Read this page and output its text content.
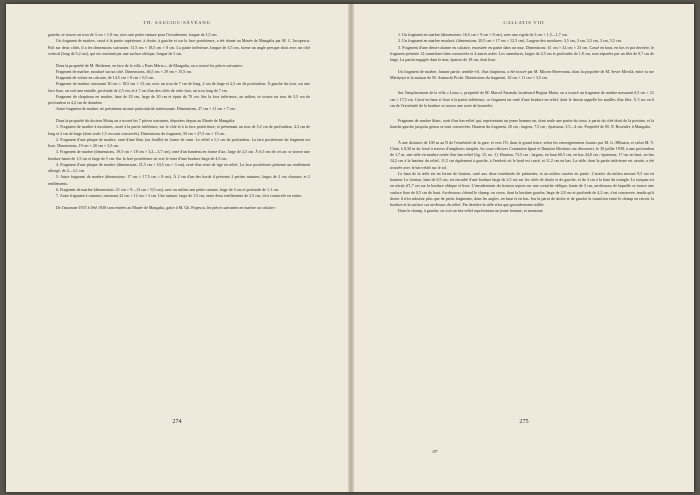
TH. SAUCIUC-SĂVEANU

gauche, se trouve un trou de 3 cm × 1,8 cm, avec une petite rainure pour l'écoulement, longue de 1,5 cm.

Un fragment de marbre, cassé à la partie supérieure, à droite, à gauche et sur la face postérieure, a été donné au Musée de Mangalia par M. C. Iacopescu. Poli sur deux côtés, il a les dimensions suivantes: 11,5 cm × 18,5 cm × 8 cm. La partie inférieure, longue de 3,5 cm, forme un angle presque droit avec un côté vertical (long de 5,2 cm), qui est continué par une surface oblique, longue de 3 cm.

Dans la propriété de M. Riedesen, en face de la villa « Paris Măria », de Mangalia, on a trouvé les pièces suivantes:

Fragment de marbre, mouluré sur un côté. Dimensions, 46,5 cm × 29 cm × 15,5 cm.

Fragment de volute en calcaire, de 14,5 cm × 8 cm × 6,5 cm.

Fragment de marbre, mesurant 30 cm × 18,5 cm × 13 cm, avec un trou de 7 cm de long, 2 cm de large et 2,5 cm de profondeur. À gauche du trou, sur une face lisse, on voit une entaille, profonde de 2,5 cm, et à 7 cm d'un des côtés de cette face, un trou long de 7 cm.

Fragment de chapiteau en marbre, haut de 20 cm, large de 30 cm et épais de 70 cm. Sur la face inférieure, au milieu, se trouve un trou de 3,5 cm de profondeur et 4,2 cm de diamètre.

Autre fragment de marbre, ne présentant aucune particularité intéressante. Dimensions, 27 cm × 11 cm × 7 cm.

Dans la propriété du docteur Motaș on a trouvé les 7 pièces suivantes, déposées depuis au Musée de Mangalia:

1. Fragment de marbre à moulures, cassé à la partie inférieure, sur le côté et à la face postérieure, et présentant un trou de 5,2 cm de profondeur, 4,3 cm de long et 2 cm de large (dont seuls 1,5 cm sont conservés). Dimensions du fragment, 30 cm × 27,5 cm × 15 cm.

2. Fragment d'une plaque de marbre, orné d'une fleur (ou feuille) en forme de cœur. Le relief a 1,1 cm de profondeur. La face postérieure du fragment est lisse. Dimensions, 19 cm × 20 cm × 3,5 cm.

3. Fragment de marbre (dimensions, 19,5 cm × 18 cm × 3,2—3,7 cm), orné d'un bandeau en forme d'arc, large de 2,5 cm. À 6,5 cm de cet arc se trouve une bordure haute de 1,5 cm et large de 5 cm. Sur la face postérieure on voit le reste d'une bordure large de 4,5 cm.

4. Fragment d'une plaque de marbre (dimensions, 21,5 cm × 10,5 cm × 3 cm), orné d'un reste de tige en relief. La face postérieure présente un renflement allongé, de 2—3,1 cm.

5. Autre fragment de marbre (dimensions: 17 cm × 17,5 cm × 8 cm). À 2 cm d'un des bords il présente 2 petites rainures, larges de 2 cm chacune, et 2 renflements.

6. Fragment de marbre (dimensions: 21 cm × 9—13 cm × 9,5 cm), avec au milieu une petite rainure, large de 4 cm et profonde de 1,1 cm.

7. Autre fragment à rainures, mesurant 22 cm × 12 cm × 3 cm. Une rainure, large de 1,5 cm, entre deux renflements de 2,5 cm, s'est conservée en entier.

De l'automne 1937 à l'été 1938 sont entrées au Musée de Mangalia, grâce à M. Gh. Popescu, les pièces suivantes en marbre ou calcaire:

274
CALLATIS VIII

1. Un fragment en marbre (dimensions: 16,5 cm × 9 cm × 8 cm), avec une rigole de 3 cm × 1,5—1,7 cm.

2. Un fragment en marbre mouluré, (dimensions: 20,5 cm × 17 cm × 12,5 cm). Largeur des moulures: 3,5 cm, 3 cm, 5,5 cm, 3 cm, 5,5 cm.

3. Fragment d'une demi-colonne en calcaire, encastrée en partie dans un mur. Dimensions: 41 cm × 32 cm × 23 cm. Cassé en haut, en bas et par derrière, le fragment présente 12 cannelures bien conservées et 4 autres usées. Les cannelures, larges de 2,5 cm et profondes de 1,8 cm, sont séparées par un filet de 0,7 cm de large. La partie engagée dans le mur, épaisse de 19 cm, était lisse.

Un fragment de marbre, faisant partie, semble-t-il, d'un chapiteau, a été trouvé par M. Mircea Hereveanu, dans la propriété de M. Sever Movilă, entre la rue Mărășești et la maison de M. Asimachi Profit. Dimensions du fragment, 10 cm × 11 cm × 3,5 cm.

Sur l'emplacement de la villa « Lotus », propriété de M. Marcel Faranda, boulevard Regina Maria, on a trouvé un fragment de marbre mesurant 6,5 cm × 21 cm × 17,5 cm. Cassé en haut et lisse à la partie inférieure, ce fragment est orné d'une bordure en relief, dont le dessin rappelle les mailles d'un filet. À 5 cm ou 6 cm de l'extrémité de la bordure se trouve une sorte de bourrelet.

Fragment de marbre blanc, orné d'un bas-relief qui, représentant un jeune homme nu, dont seule une partie du torse, à partir du côté droit de la poitrine, et la hanche gauche jusqu'au genou se sont conservées. Hauteur du fragment, 20 cm ; largeur, 7,5 cm ; épaisseur, 3,5—4 cm. Propriété de M. N. Rosenlet, à Mangalia.

À une distance de 100 m au N de l'extrémité de la gare, et vers l'O, dans le grand tertre, selon les renseignements fournis par M. G. Hîlmaru, et selon M. V. Clain, à 8,30 m du fossé à travers d'amphores simples, les sous-officiers Constantin Ignat et Dumitru Bivolaru ont découvert, le 30 juillet 1938, à une profondeur de 1,7 m, une stèle en marbre ornée d'un bas-relief (fig. 15, no. 1). Hauteur, 73,5 cm ; largeur, en haut 60,5 cm, en bas 44,8 cm ; épaisseur, 17 cm en haut, en bas 14,2 cm à la hauteur du relief, 11,5 cm également à gauche, à l'endroit où le bord est cassé, et 11,2 cm en bas. La stèle, dont la partie inférieure est cassée, a été trouvée avec le bas-relief sur le sol.

Le haut de la stèle est en forme de fronton, orné aux deux extrémités de palmettes, et au milieu cassées en partie. L'arrière du milieu mesure 9,5 cm en hauteur. Le fronton, haut de 6,5 cm, est encadré d'une bordure large de 2,5 cm sur les côtés de droite et de gauche, et de 4 cm à la base du triangle. Le tympan est en retrait d'1,7 cm sur la bordure oblique et lisse. L'encadrement du fronton repose sur une corniche oblique, haute de 3 cm, au-dessous de laquelle se trouve une surface lisse de 0,5 cm de haut. Au-dessous s'étend le champ, en creux, dont la bordure gauche, large de 2,8 cm et profonde de 4,2 cm, s'est conservée, tandis qu'à droite il n'en subsiste plus que de petits fragments, dans les angles, en haut et en bas. Sur la paroi de droite et de gauche la transition entre le champ en retrait, la bordure et la surface sur au-dessus du relief. Par derrière la stèle n'est que grossièrement taillée.

Dans le champ, à gauche, on voit un bas-relief représentant un jeune homme, et mesurant

275
18*
